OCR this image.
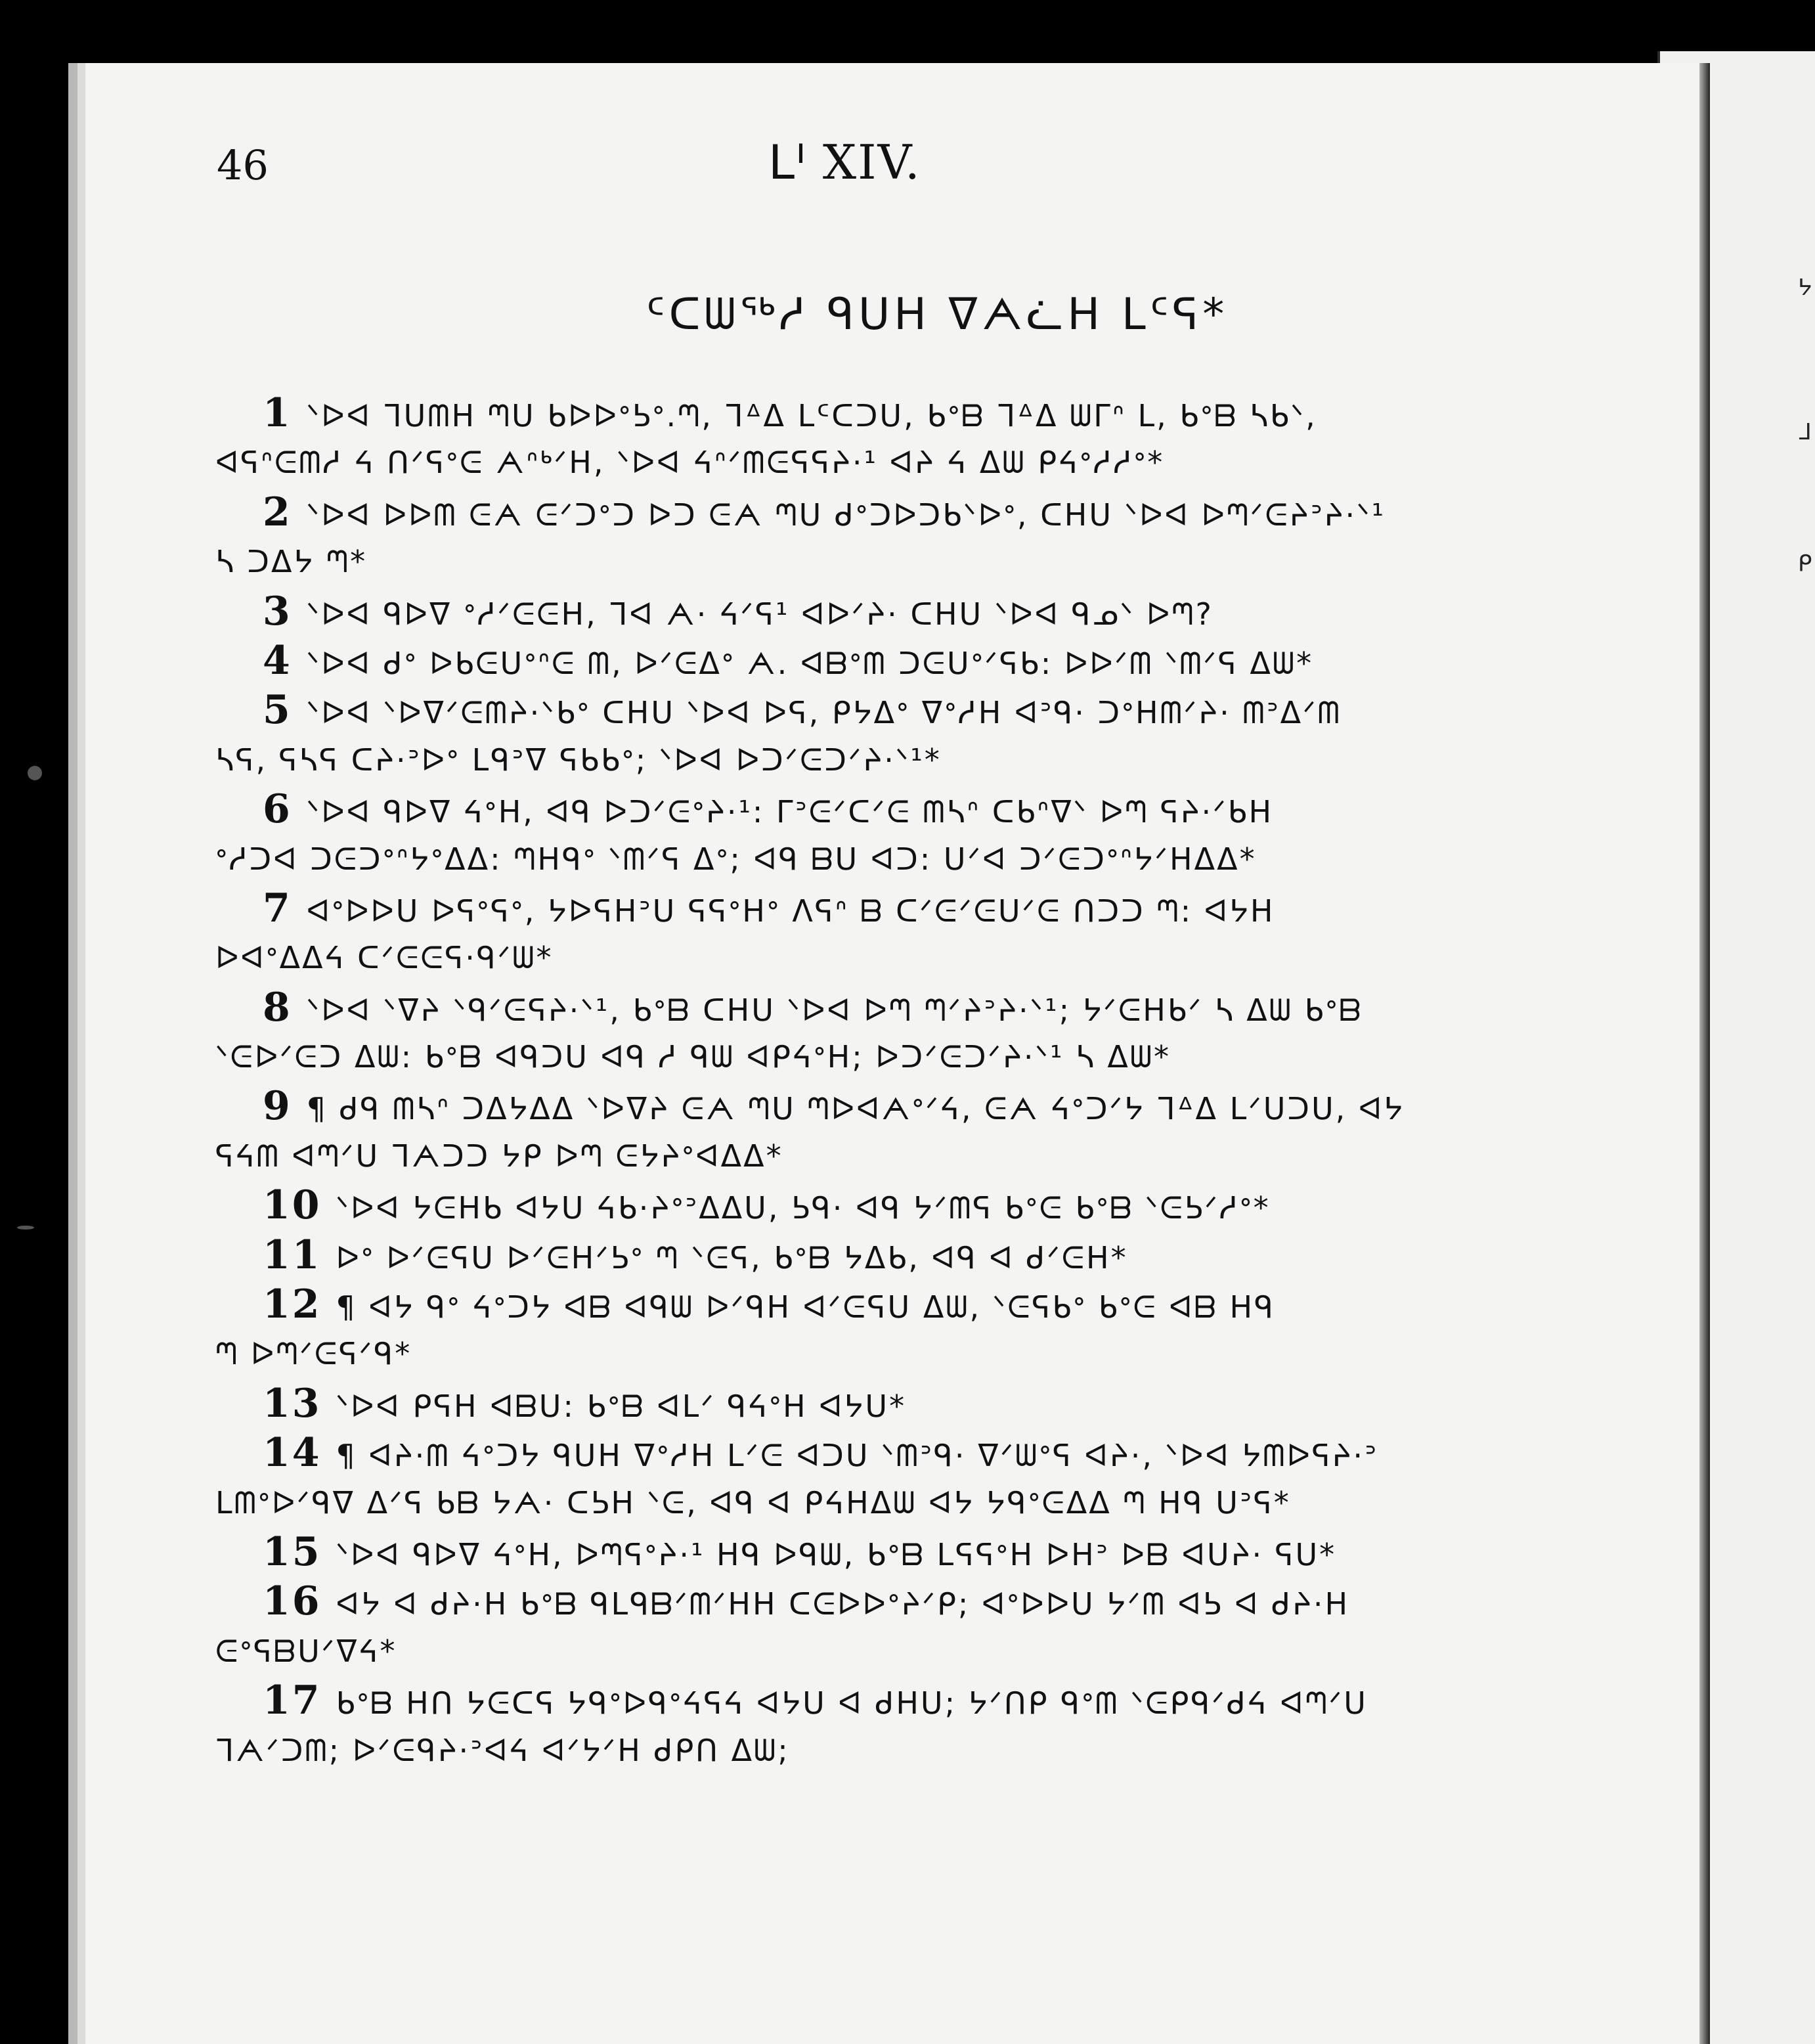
ᔭ
ᒧ
ᑭ
46	ᒪᑊ XIV.
ᑦᑕᗯᖅᓱ ᑫᑌᕼ ᐁᗅᓛᕼ ᒪᑦᕋ*
1 ᐠᐅᐊ ᒣᑌᗰᕼ ᘉᑌ ᑲᐅᐅᐤᕊᐤ.ᘉ, ᒣᐞᐃ ᒪᑦᑕᑐᑌ, ᑲᐤᗷ ᒣᐞᐃ ᗯᒥᐢ ᒪ, ᑲᐤᗷ ᓴᑲᐠ,
ᐊᕋᐢᕮᗰᓱ ᔦ ᑎᐟᕋᐤᕮ ᗅᐢᒃᐟᕼ, ᐠᐅᐊ ᔦᐢᐟᗰᕮᕋᕋᔨ·¹ ᐊᔨ ᔦ ᐃᗯ ᑭᔦᐤᓱᓱᐤ*
2 ᐠᐅᐊ ᐅᐅᗰ ᕮᗅ ᕮᐟᑐᐤᑐ ᐅᑐ ᕮᗅ ᘉᑌ ᑯᐤᑐᐅᑐᑲᐠᐅᐤ, ᑕᕼᑌ ᐠᐅᐊ ᐅᘉᐟᕮᔨᐣᔨ·ᐠ¹
ᓴ ᑐᐃᔭ ᘉ*
3 ᐠᐅᐊ ᑫᐅᐁ ᐤᓱᐟᕮᕮᕼ, ᒣᐊ ᗅ· ᔦᐟᕋ¹ ᐊᐅᐟᔨ· ᑕᕼᑌ ᐠᐅᐊ ᑫᓄᐠ ᐅᘉ?
4 ᐠᐅᐊ ᑯᐤ ᐅᑲᕮᑌᐤᐢᕮ ᗰ, ᐅᐟᕮᐃᐤ ᗅ. ᐊᗷᐤᗰ ᑐᕮᑌᐤᐟᕋᑲ: ᐅᐅᐟᗰ ᐠᗰᐟᕋ ᐃᗯ*
5 ᐠᐅᐊ ᐠᐅᐁᐟᕮᗰᔨ·ᐠᑲᐤ ᑕᕼᑌ ᐠᐅᐊ ᐅᕋ, ᑭᔭᐃᐤ ᐁᐤᓱᕼ ᐊᐣᑫ· ᑐᐤᕼᗰᐟᔨ· ᗰᐣᐃᐟᗰ
ᓴᕋ, ᕋᓴᕋ ᑕᔨ·ᐣᐅᐤ ᒪᑫᐣᐁ ᕋᑲᑲᐤ; ᐠᐅᐊ ᐅᑐᐟᕮᑐᐟᔨ·ᐠ¹*
6 ᐠᐅᐊ ᑫᐅᐁ ᔦᐤᕼ, ᐊᑫ ᐅᑐᐟᕮᐤᔨ·¹: ᒥᐣᕮᐟᑕᐟᕮ ᗰᓴᐢ ᑕᑲᐢᐁᐠ ᐅᘉ ᕋᔨ·ᐟᑲᕼ
ᐤᓱᑐᐊ ᑐᕮᑐᐤᐢᔭᐤᐃᐃ: ᘉᕼᑫᐤ ᐠᗰᐟᕋ ᐃᐤ; ᐊᑫ ᗷᑌ ᐊᑐ: ᑌᐟᐊ ᑐᐟᕮᑐᐤᐢᔭᐟᕼᐃᐃ*
7 ᐊᐤᐅᐅᑌ ᐅᕋᐤᕋᐤ, ᔭᐅᕋᕼᐣᑌ ᕋᕋᐤᕼᐤ ᐱᕋᐢ ᗷ ᑕᐟᕮᐟᕮᑌᐟᕮ ᑎᑐᑐ ᘉ: ᐊᔭᕼ
ᐅᐊᐤᐃᐃᔦ ᑕᐟᕮᕮᕋ·ᑫᐟᗯ*
8 ᐠᐅᐊ ᐠᐁᔨ ᐠᑫᐟᕮᕋᔨ·ᐠ¹, ᑲᐤᗷ ᑕᕼᑌ ᐠᐅᐊ ᐅᘉ ᘉᐟᔨᐣᔨ·ᐠ¹; ᔭᐟᕮᕼᑲᐟ ᓴ ᐃᗯ ᑲᐤᗷ
ᐠᕮᐅᐟᕮᑐ ᐃᗯ: ᑲᐤᗷ ᐊᑫᑐᑌ ᐊᑫ ᓱ ᑫᗯ ᐊᑭᔦᐤᕼ; ᐅᑐᐟᕮᑐᐟᔨ·ᐠ¹ ᓴ ᐃᗯ*
9 ¶ ᑯᑫ ᗰᓴᐢ ᑐᐃᔭᐃᐃ ᐠᐅᐁᔨ ᕮᗅ ᘉᑌ ᘉᐅᐊᗅᐤᐟᔦ, ᕮᗅ ᔦᐤᑐᐟᔭ ᒣᐞᐃ ᒪᐟᑌᑐᑌ, ᐊᔭ
ᕋᔦᗰ ᐊᘉᐟᑌ ᒣᗅᑐᑐ ᔭᑭ ᐅᘉ ᕮᔭᔨᐤᐊᐃᐃ*
10 ᐠᐅᐊ ᔭᕮᕼᑲ ᐊᔭᑌ ᔦᑲ·ᔨᐤᐣᐃᐃᑌ, ᕊᑫ· ᐊᑫ ᔭᐟᗰᕋ ᑲᐤᕮ ᑲᐤᗷ ᐠᕮᕊᐟᓱᐤ*
11 ᐅᐤ ᐅᐟᕮᕋᑌ ᐅᐟᕮᕼᐟᕊᐤ ᘉ ᐠᕮᕋ, ᑲᐤᗷ ᔭᐃᑲ, ᐊᑫ ᐊ ᑯᐟᕮᕼ*
12 ¶ ᐊᔭ ᑫᐤ ᔦᐤᑐᔭ ᐊᗷ ᐊᑫᗯ ᐅᐟᑫᕼ ᐊᐟᕮᕋᑌ ᐃᗯ, ᐠᕮᕋᑲᐤ ᑲᐤᕮ ᐊᗷ ᕼᑫ
ᘉ ᐅᘉᐟᕮᕋᐟᑫ*
13 ᐠᐅᐊ ᑭᕋᕼ ᐊᗷᑌ: ᑲᐤᗷ ᐊᒪᐟ ᑫᔦᐤᕼ ᐊᔭᑌ*
14 ¶ ᐊᔨ·ᗰ ᔦᐤᑐᔭ ᑫᑌᕼ ᐁᐤᓱᕼ ᒪᐟᕮ ᐊᑐᑌ ᐠᗰᐣᑫ· ᐁᐟᗯᐤᕋ ᐊᔨ·, ᐠᐅᐊ ᔭᗰᐅᕋᔨ·ᐣ
ᒪᗰᐤᐅᐟᑫᐁ ᐃᐟᕋ ᑲᗷ ᔭᗅ· ᑕᕊᕼ ᐠᕮ, ᐊᑫ ᐊ ᑭᔦᕼᐃᗯ ᐊᔭ ᔭᑫᐤᕮᐃᐃ ᘉ ᕼᑫ ᑌᐣᕋ*
15 ᐠᐅᐊ ᑫᐅᐁ ᔦᐤᕼ, ᐅᘉᕋᐤᔨ·¹ ᕼᑫ ᐅᑫᗯ, ᑲᐤᗷ ᒪᕋᕋᐤᕼ ᐅᕼᐣ ᐅᗷ ᐊᑌᔨ· ᕋᑌ*
16 ᐊᔭ ᐊ ᑯᔨ·ᕼ ᑲᐤᗷ ᑫᒪᑫᗷᐟᗰᐟᕼᕼ ᑕᕮᐅᐅᐤᔨᐟᑭ; ᐊᐤᐅᐅᑌ ᔭᐟᗰ ᐊᕊ ᐊ ᑯᔨ·ᕼ
ᕮᐤᕋᗷᑌᐟᐁᔦ*
17 ᑲᐤᗷ ᕼᑎ ᔭᕮᑕᕋ ᔭᑫᐤᐅᑫᐤᔦᕋᔦ ᐊᔭᑌ ᐊ ᑯᕼᑌ; ᔭᐟᑎᑭ ᑫᐤᗰ ᐠᕮᑭᑫᐟᑯᔦ ᐊᘉᐟᑌ
ᒣᗅᐟᑐᗰ; ᐅᐟᕮᑫᔨ·ᐣᐊᔦ ᐊᐟᔭᐟᕼ ᑯᑭᑎ ᐃᗯ;
